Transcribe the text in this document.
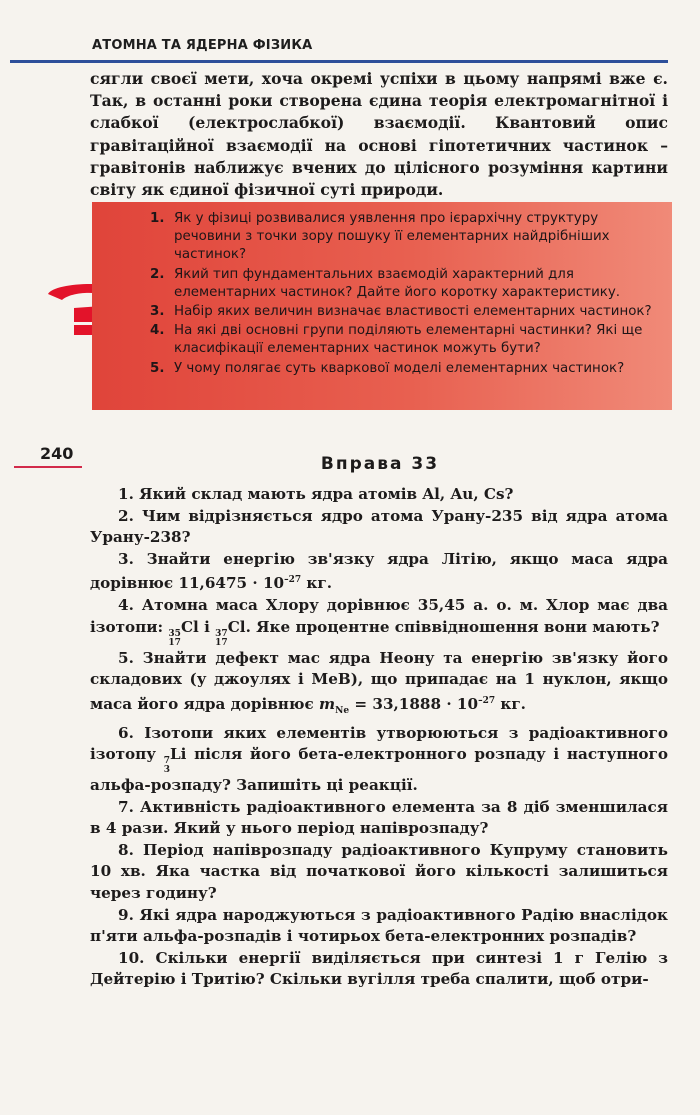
АТОМНА ТА ЯДЕРНА ФІЗИКА

сягли своєї мети, хоча окремі успіхи в цьому напрямі вже є. Так, в останні роки створена єдина теорія електромагнітної і слабкої (електрослабкої) взаємодії. Квантовий опис гравітаційної взаємодії на основі гіпотетичних частинок – гравітонів наближує вчених до цілісного розуміння картини світу як єдиної фізичної суті природи.

1. Як у фізиці розвивалися уявлення про ієрархічну структуру речовини з точки зору пошуку її елементарних найдрібніших частинок?
2. Який тип фундаментальних взаємодій характерний для елементарних частинок? Дайте його коротку характеристику.
3. Набір яких величин визначає властивості елементарних частинок?
4. На які дві основні групи поділяють елементарні частинки? Які ще класифікації елементарних частинок можуть бути?
5. У чому полягає суть кваркової моделі елементарних частинок?
240
Вправа 33

1. Який склад мають ядра атомів Al, Au, Cs?

2. Чим відрізняється ядро атома Урану-235 від ядра атома Урану-238?

3. Знайти енергію зв'язку ядра Літію, якщо маса ядра дорівнює $11,6475 \cdot 10^{-27}$ кг.

4. Атомна маса Хлору дорівнює 35,45 а. о. м. Хлор має два ізотопи: 35
17
Cl і 37
17
Cl. Яке процентне співвідношення вони мають?

5. Знайти дефект мас ядра Неону та енергію зв'язку його складових (у джоулях і МеВ), що припадає на 1 нуклон, якщо маса його ядра дорівнює $m_{Ne} = 33,1888 \cdot 10^{-27}$ кг.

6. Ізотопи яких елементів утворюються з радіоактивного ізотопу 7
3
Li після його бета-електронного розпаду і наступного альфа-розпаду? Запишіть ці реакції.

7. Активність радіоактивного елемента за 8 діб зменшилася в 4 рази. Який у нього період напіврозпаду?

8. Період напіврозпаду радіоактивного Купруму становить 10 хв. Яка частка від початкової його кількості залишиться через годину?

9. Які ядра народжуються з радіоактивного Радію внаслідок п'яти альфа-розпадів і чотирьох бета-електронних розпадів?

10. Скільки енергії виділяється при синтезі 1 г Гелію з Дейтерію і Тритію? Скільки вугілля треба спалити, щоб отри-
